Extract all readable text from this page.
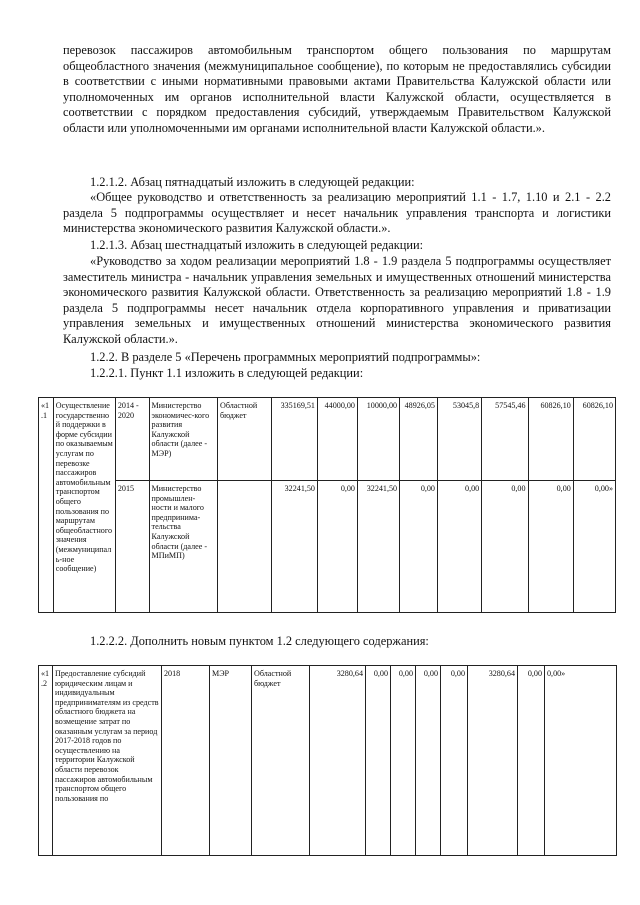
перевозок пассажиров автомобильным транспортом общего пользования по маршрутам общеобластного значения (межмуниципальное сообщение), по которым не предоставлялись субсидии в соответствии с иными нормативными правовыми актами Правительства Калужской области или уполномоченных им органов исполнительной власти Калужской области, осуществляется в соответствии с порядком предоставления субсидий, утверждаемым Правительством Калужской области или уполномоченными им органами исполнительной власти Калужской области.».
1.2.1.2. Абзац пятнадцатый изложить в следующей редакции:
«Общее руководство и ответственность за реализацию мероприятий 1.1 - 1.7, 1.10 и 2.1 - 2.2 раздела 5 подпрограммы осуществляет и несет начальник управления транспорта и логистики министерства экономического развития Калужской области.».
1.2.1.3. Абзац шестнадцатый изложить в следующей редакции:
«Руководство за ходом реализации мероприятий 1.8 - 1.9 раздела 5 подпрограммы осуществляет заместитель министра - начальник управления земельных и имущественных отношений министерства экономического развития Калужской области. Ответственность за реализацию мероприятий 1.8 - 1.9 раздела 5 подпрограммы несет начальник отдела корпоративного управления и приватизации управления земельных и имущественных отношений министерства экономического развития Калужской области.».
1.2.2. В разделе 5 «Перечень программных мероприятий подпрограммы»:
1.2.2.1. Пункт 1.1 изложить в следующей редакции:
«1.1	Осуществление государственной поддержки в форме субсидии по оказываемым услугам по перевозке пассажиров автомобильным транспортом общего пользования по маршрутам общеобластного значения (межмуниципаль-ное сообщение)	2014 - 2020	Министерство экономичес-кого развития Калужской области (далее - МЭР)	Областной бюджет	335169,51	44000,00	10000,00	48926,05	53045,8	57545,46	60826,10	60826,10
		2015	Министерство промышлен-ности и малого предпринима-тельства Калужской области (далее - МПиМП)		32241,50	0,00	32241,50	0,00	0,00	0,00	0,00	0,00»
1.2.2.2. Дополнить новым пунктом 1.2 следующего содержания:
«1.2	Предоставление субсидий юридическим лицам и индивидуальным предпринимателям из средств областного бюджета на возмещение затрат по оказанным услугам за период 2017-2018 годов по осуществлению на территории Калужской области перевозок пассажиров автомобильным транспортом общего пользования по	2018	МЭР	Областной бюджет	3280,64	0,00	0,00	0,00	0,00	3280,64	0,00	0,00»
